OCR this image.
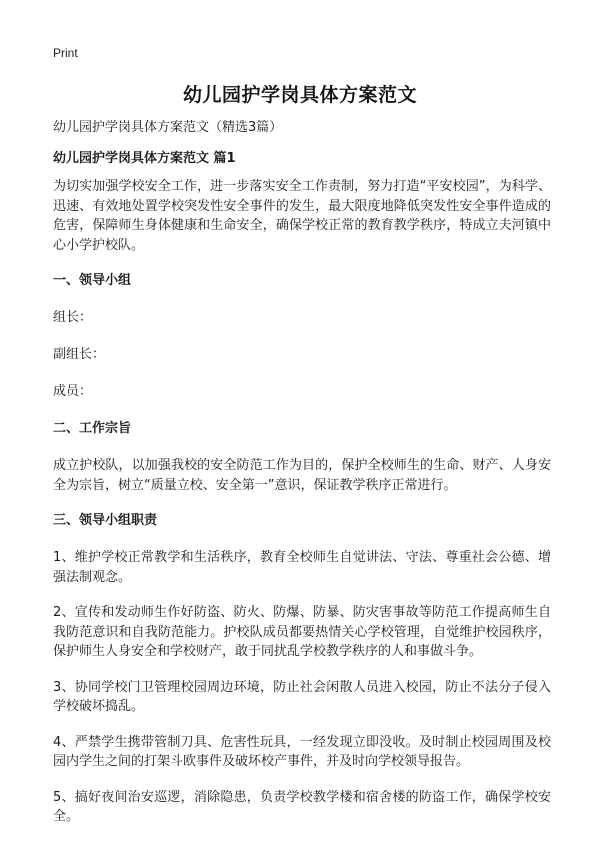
Print
幼儿园护学岗具体方案范文
幼儿园护学岗具体方案范文（精选3篇）
幼儿园护学岗具体方案范文 篇1
为切实加强学校安全工作，进一步落实安全工作责制，努力打造“平安校园”，为科学、迅速、有效地处置学校突发性安全事件的发生，最大限度地降低突发性安全事件造成的危害，保障师生身体健康和生命安全，确保学校正常的教育教学秩序，特成立夫河镇中心小学护校队。
一、领导小组
组长：
副组长：
成员：
二、工作宗旨
成立护校队，以加强我校的安全防范工作为目的，保护全校师生的生命、财产、人身安全为宗旨，树立“质量立校、安全第一”意识，保证教学秩序正常进行。
三、领导小组职责
1、维护学校正常教学和生活秩序，教育全校师生自觉讲法、守法、尊重社会公德、增强法制观念。
2、宣传和发动师生作好防盗、防火、防爆、防暴、防灾害事故等防范工作提高师生自我防范意识和自我防范能力。护校队成员都要热情关心学校管理，自觉维护校园秩序，保护师生人身安全和学校财产，敢于同扰乱学校教学秩序的人和事做斗争。
3、协同学校门卫管理校园周边环境，防止社会闲散人员进入校园，防止不法分子侵入学校破坏捣乱。
4、严禁学生携带管制刀具、危害性玩具，一经发现立即没收。及时制止校园周围及校园内学生之间的打架斗欧事件及破坏校产事件，并及时向学校领导报告。
5、搞好夜间治安巡逻，消除隐患，负责学校教学楼和宿舍楼的防盗工作，确保学校安全。
